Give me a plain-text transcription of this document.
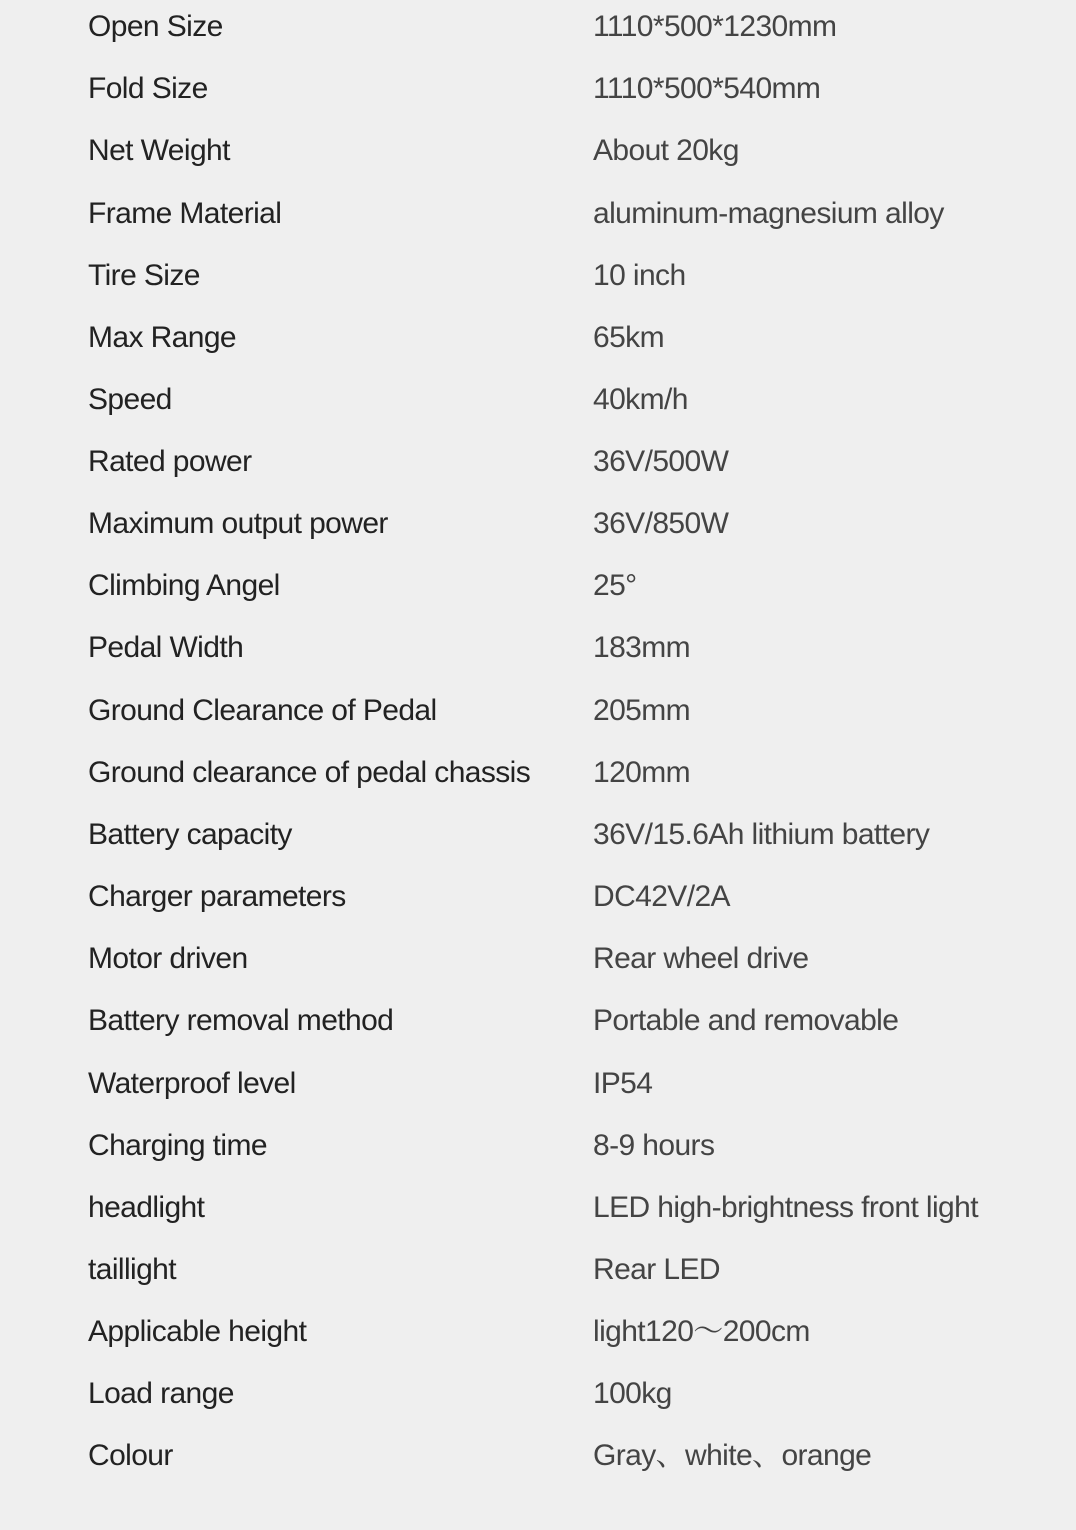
Open Size	1110*500*1230mm
Fold Size	1110*500*540mm
Net Weight	About 20kg
Frame Material	aluminum-magnesium alloy
Tire Size	10 inch
Max Range	65km
Speed	40km/h
Rated power	36V/500W
Maximum output power	36V/850W
Climbing Angel	25°
Pedal Width	183mm
Ground Clearance of Pedal	205mm
Ground clearance of pedal chassis 120mm
Battery capacity	36V/15.6Ah lithium battery
Charger parameters	DC42V/2A
Motor driven	Rear wheel drive
Battery removal method	Portable and removable
Waterproof level	IP54
Charging time	8-9 hours
headlight	LED high-brightness front light
taillight	Rear LED
Applicable height	light120～200cm
Load range	100kg
Colour	Gray、white、orange
